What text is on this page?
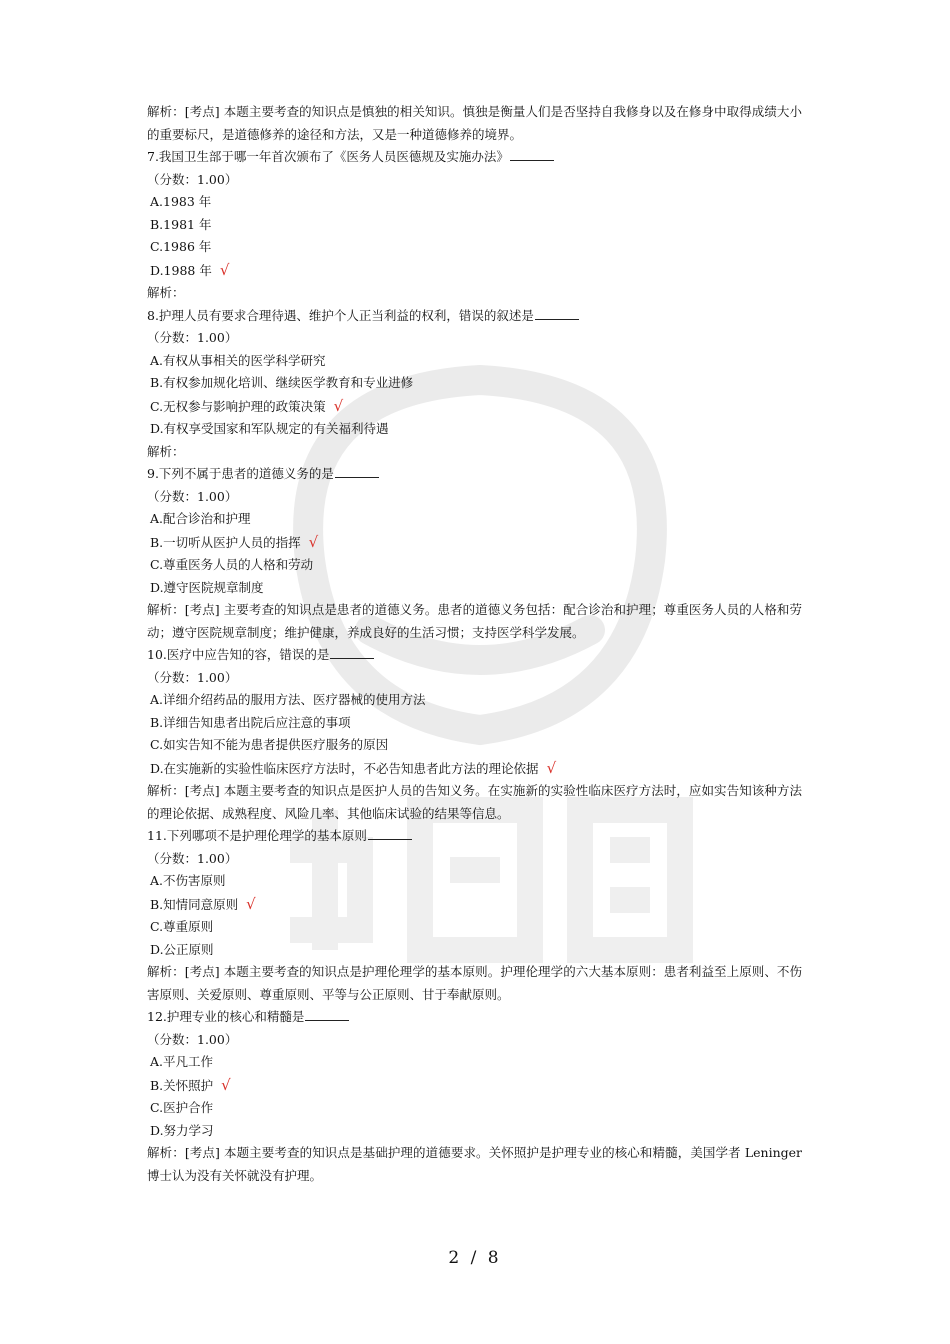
解析：[考点] 本题主要考查的知识点是慎独的相关知识。慎独是衡量人们是否坚持自我修身以及在修身中取得成绩大小的重要标尺，是道德修养的途径和方法，又是一种道德修养的境界。
7.我国卫生部于哪一年首次颁布了《医务人员医德规及实施办法》
（分数：1.00）
A.1983 年
B.1981 年
C.1986 年
D.1988 年 √
解析：
8.护理人员有要求合理待遇、维护个人正当利益的权利，错误的叙述是
（分数：1.00）
A.有权从事相关的医学科学研究
B.有权参加规化培训、继续医学教育和专业进修
C.无权参与影响护理的政策决策 √
D.有权享受国家和军队规定的有关福利待遇
解析：
9.下列不属于患者的道德义务的是
（分数：1.00）
A.配合诊治和护理
B.一切听从医护人员的指挥 √
C.尊重医务人员的人格和劳动
D.遵守医院规章制度
解析：[考点] 主要考查的知识点是患者的道德义务。患者的道德义务包括：配合诊治和护理；尊重医务人员的人格和劳动；遵守医院规章制度；维护健康，养成良好的生活习惯；支持医学科学发展。
10.医疗中应告知的容，错误的是
（分数：1.00）
A.详细介绍药品的服用方法、医疗器械的使用方法
B.详细告知患者出院后应注意的事项
C.如实告知不能为患者提供医疗服务的原因
D.在实施新的实验性临床医疗方法时，不必告知患者此方法的理论依据 √
解析：[考点] 本题主要考查的知识点是医护人员的告知义务。在实施新的实验性临床医疗方法时，应如实告知该种方法的理论依据、成熟程度、风险几率、其他临床试验的结果等信息。
11.下列哪项不是护理伦理学的基本原则
（分数：1.00）
A.不伤害原则
B.知情同意原则 √
C.尊重原则
D.公正原则
解析：[考点] 本题主要考查的知识点是护理伦理学的基本原则。护理伦理学的六大基本原则：患者利益至上原则、不伤害原则、关爱原则、尊重原则、平等与公正原则、甘于奉献原则。
12.护理专业的核心和精髓是
（分数：1.00）
A.平凡工作
B.关怀照护 √
C.医护合作
D.努力学习
解析：[考点] 本题主要考查的知识点是基础护理的道德要求。关怀照护是护理专业的核心和精髓，美国学者 Leninger 博士认为没有关怀就没有护理。
2 / 8
